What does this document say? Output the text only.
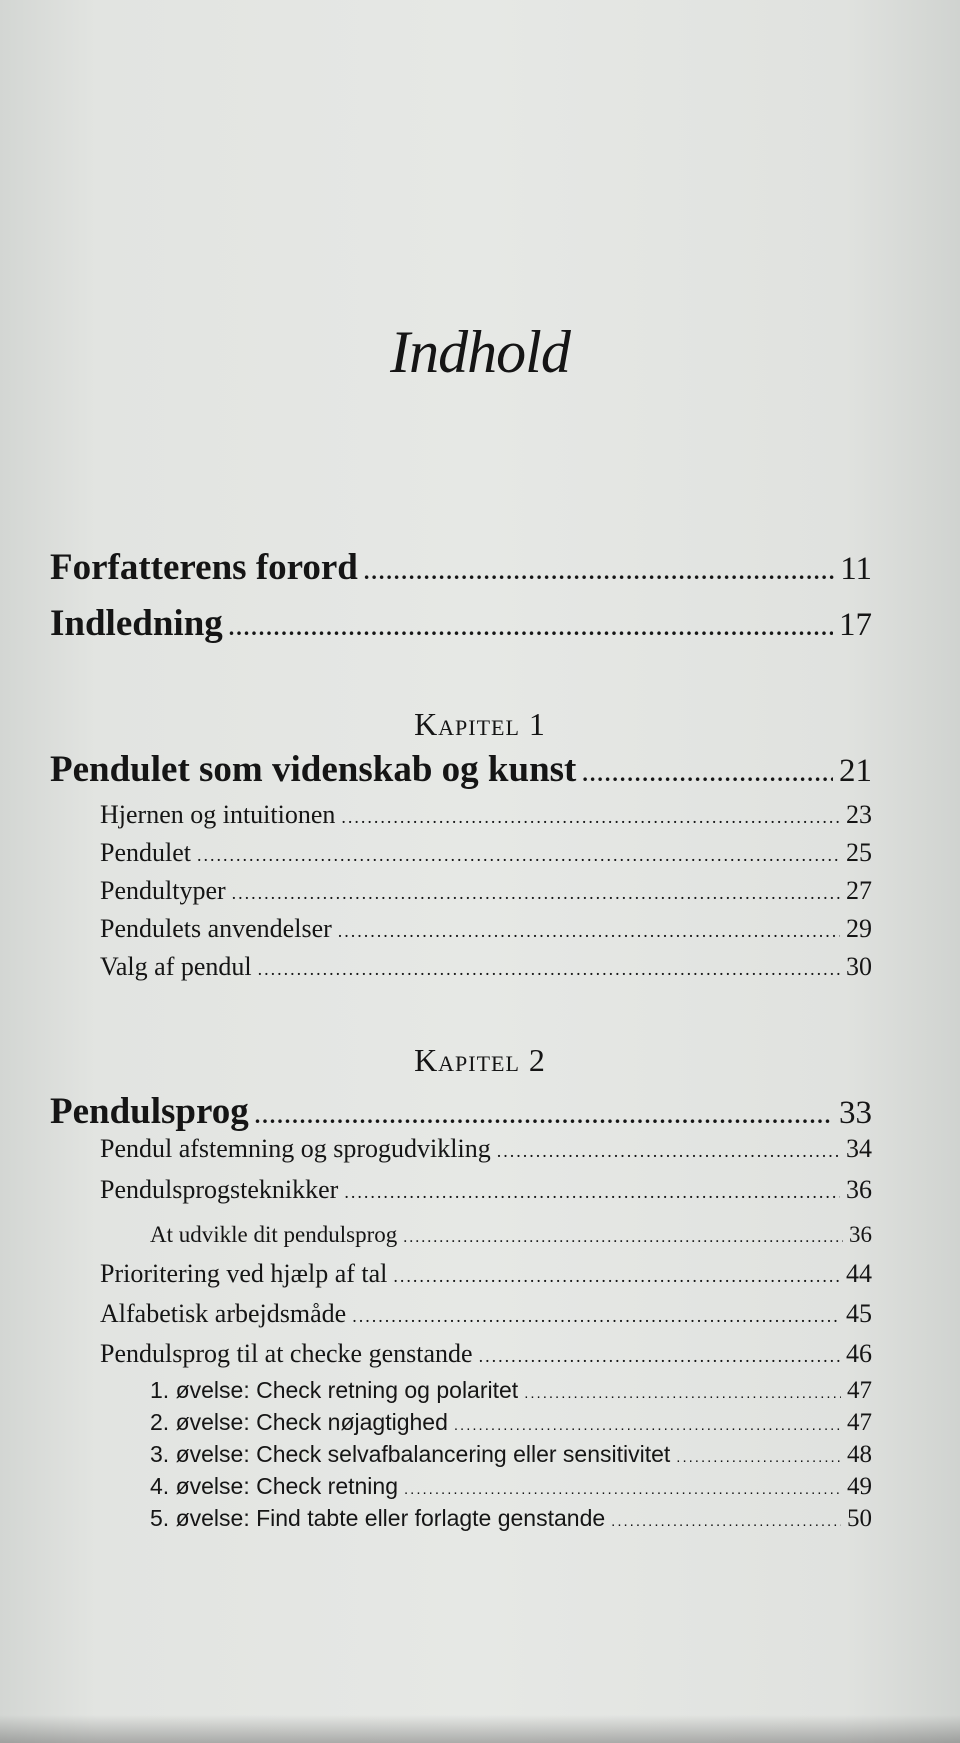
Indhold
Forfatterens forord .....	11
Indledning .....	17
Kapitel 1
Pendulet som videnskab og kunst .....	21
Hjernen og intuitionen .....	23
Pendulet .....	25
Pendultyper .....	27
Pendulets anvendelser .....	29
Valg af pendul .....	30
Kapitel 2
Pendulsprog .....	33
Pendul afstemning og sprogudvikling .....	34
Pendulsprogsteknikker .....	36
At udvikle dit pendulsprog .....	36
Prioritering ved hjælp af tal .....	44
Alfabetisk arbejdsmåde .....	45
Pendulsprog til at checke genstande .....	46
1. øvelse: Check retning og polaritet .....	47
2. øvelse: Check nøjagtighed .....	47
3. øvelse: Check selvafbalancering eller sensitivitet .....	48
4. øvelse: Check retning .....	49
5. øvelse: Find tabte eller forlagte genstande .....	50
